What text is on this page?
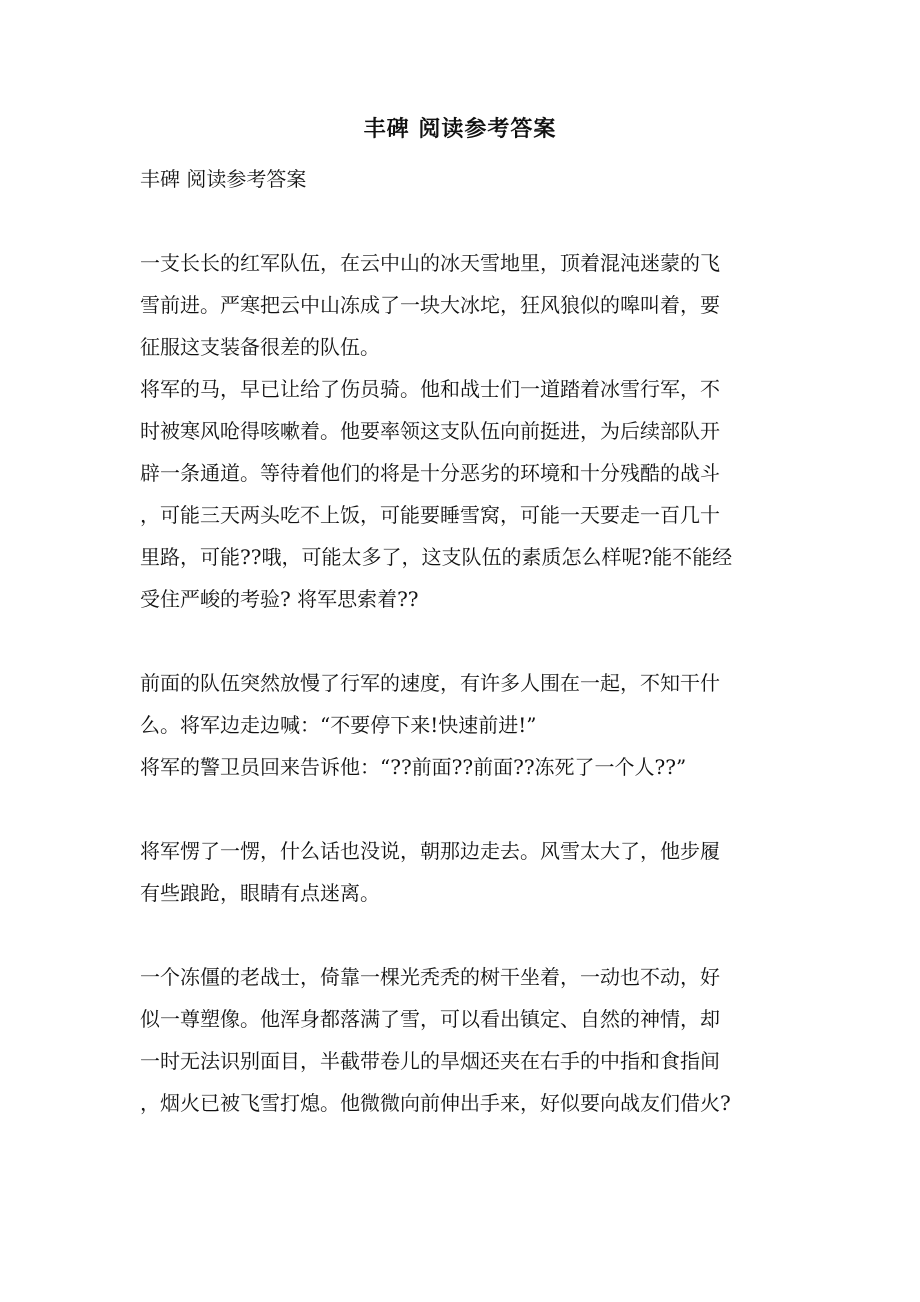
丰碑 阅读参考答案
丰碑 阅读参考答案
一支长长的红军队伍，在云中山的冰天雪地里，顶着混沌迷蒙的飞
雪前进。严寒把云中山冻成了一块大冰坨，狂风狼似的嗥叫着，要
征服这支装备很差的队伍。
将军的马，早已让给了伤员骑。他和战士们一道踏着冰雪行军，不
时被寒风呛得咳嗽着。他要率领这支队伍向前挺进，为后续部队开
辟一条通道。等待着他们的将是十分恶劣的环境和十分残酷的战斗
，可能三天两头吃不上饭，可能要睡雪窝，可能一天要走一百几十
里路，可能??哦，可能太多了，这支队伍的素质怎么样呢?能不能经
受住严峻的考验? 将军思索着??
前面的队伍突然放慢了行军的速度，有许多人围在一起，不知干什
么。将军边走边喊：“不要停下来!快速前进!”
将军的警卫员回来告诉他：“??前面??前面??冻死了一个人??”
将军愣了一愣，什么话也没说，朝那边走去。风雪太大了，他步履
有些踉跄，眼睛有点迷离。
一个冻僵的老战士，倚靠一棵光秃秃的树干坐着，一动也不动，好
似一尊塑像。他浑身都落满了雪，可以看出镇定、自然的神情，却
一时无法识别面目，半截带卷儿的旱烟还夹在右手的中指和食指间
，烟火已被飞雪打熄。他微微向前伸出手来，好似要向战友们借火?
